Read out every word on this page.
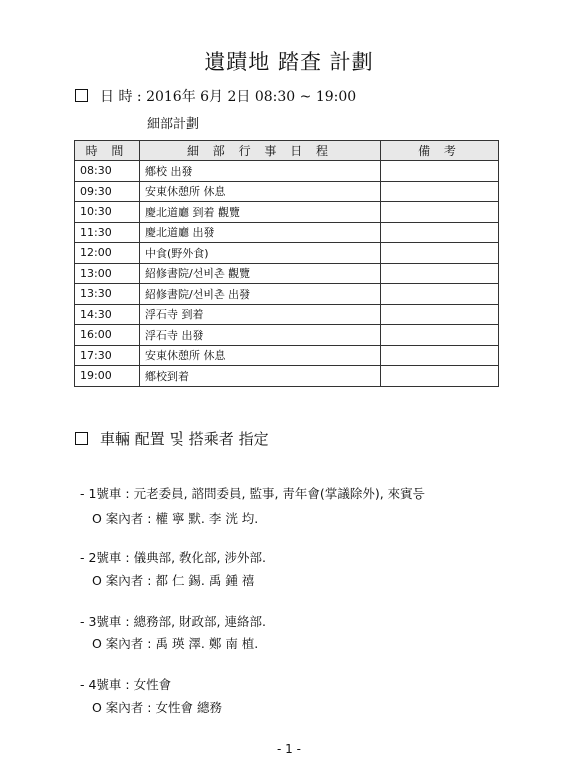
遺蹟地 踏査 計劃
日 時 : 2016年 6月 2日 08:30 ~ 19:00
細部計劃
時 間	細 部 行 事 日 程	備 考
08:30	鄕校 出發	
09:30	安東休憩所 休息	
10:30	慶北道廳 到着 觀覽	
11:30	慶北道廳 出發	
12:00	中食(野外食)	
13:00	紹修書院/선비촌 觀覽	
13:30	紹修書院/선비촌 出發	
14:30	浮石寺 到着	
16:00	浮石寺 出發	
17:30	安東休憩所 休息	
19:00	鄕校到着	
車輛 配置 및 搭乘者 指定
- 1號車 : 元老委員, 諮問委員, 監事, 靑年會(掌議除外), 來賓등
O 案內者 : 權 寧 默. 李 洸 均.
- 2號車 : 儀典部, 敎化部, 涉外部.
O 案內者 : 都 仁 錫. 禹 鍾 禧
- 3號車 : 總務部, 財政部, 連絡部.
O 案內者 : 禹 瑛 澤. 鄭 南 植.
- 4號車 : 女性會
O 案內者 : 女性會 總務
- 1 -
